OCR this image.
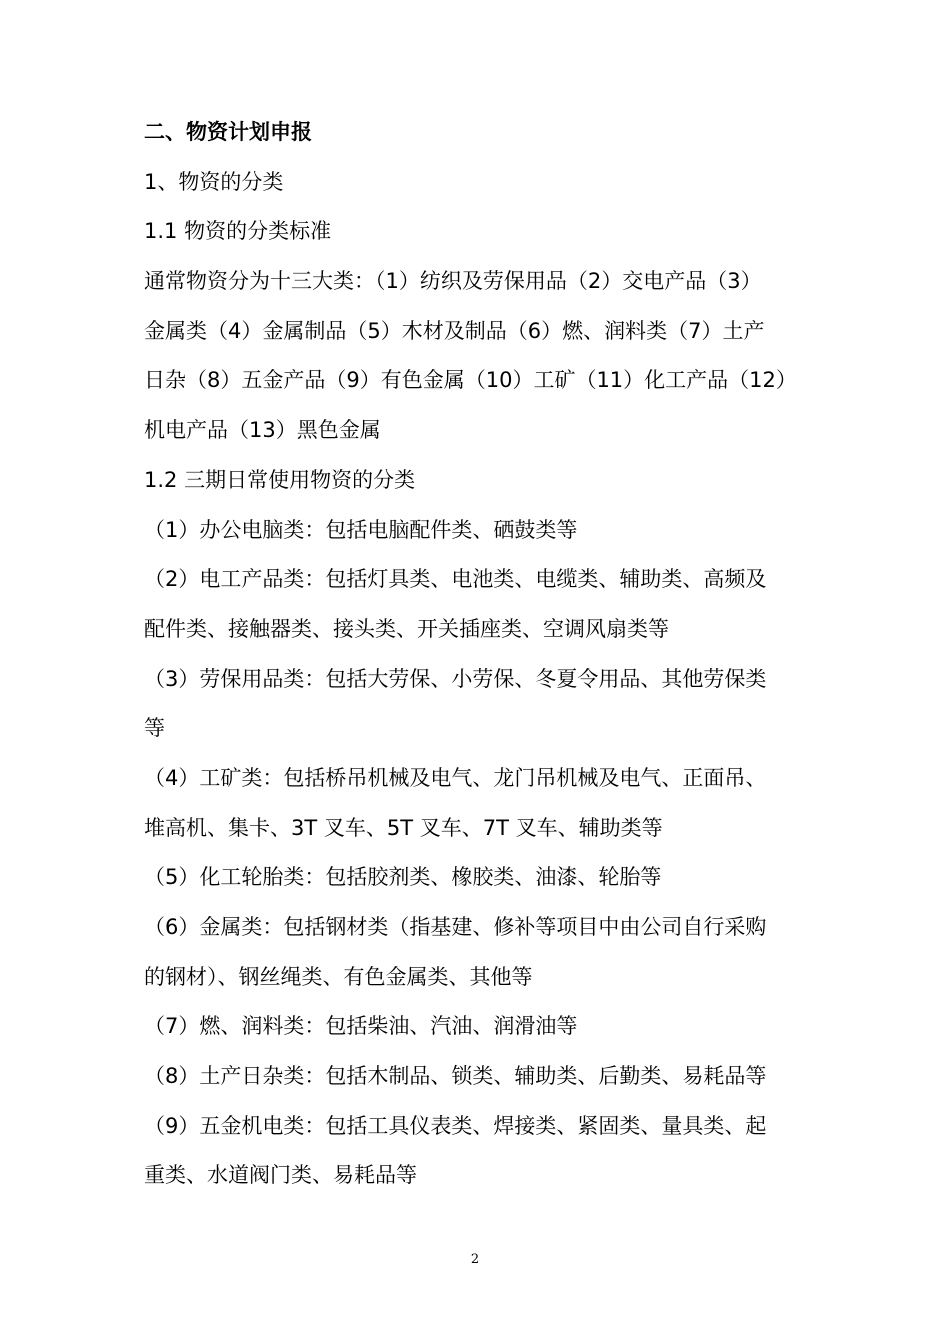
二、物资计划申报
1、物资的分类
1.1 物资的分类标准
通常物资分为十三大类：（1）纺织及劳保用品（2）交电产品（3）
金属类（4）金属制品（5）木材及制品（6）燃、润料类（7）土产
日杂（8）五金产品（9）有色金属（10）工矿（11）化工产品（12）
机电产品（13）黑色金属
1.2 三期日常使用物资的分类
（1）办公电脑类：包括电脑配件类、硒鼓类等
（2）电工产品类：包括灯具类、电池类、电缆类、辅助类、高频及
配件类、接触器类、接头类、开关插座类、空调风扇类等
（3）劳保用品类：包括大劳保、小劳保、冬夏令用品、其他劳保类
等
（4）工矿类：包括桥吊机械及电气、龙门吊机械及电气、正面吊、
堆高机、集卡、3T 叉车、5T 叉车、7T 叉车、辅助类等
（5）化工轮胎类：包括胶剂类、橡胶类、油漆、轮胎等
（6）金属类：包括钢材类（指基建、修补等项目中由公司自行采购
的钢材）、钢丝绳类、有色金属类、其他等
（7）燃、润料类：包括柴油、汽油、润滑油等
（8）土产日杂类：包括木制品、锁类、辅助类、后勤类、易耗品等
（9）五金机电类：包括工具仪表类、焊接类、紧固类、量具类、起
重类、水道阀门类、易耗品等
2
